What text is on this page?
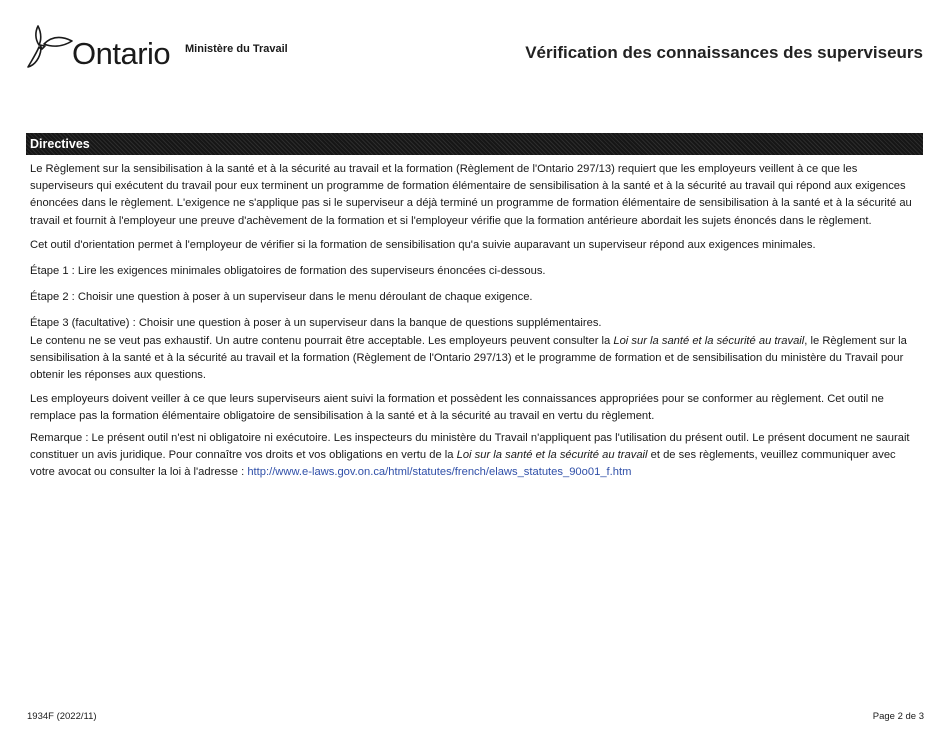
Ontario Ministère du Travail	Vérification des connaissances des superviseurs
Directives

Le Règlement sur la sensibilisation à la santé et à la sécurité au travail et la formation (Règlement de l'Ontario 297/13) requiert que les employeurs veillent à ce que les superviseurs qui exécutent du travail pour eux terminent un programme de formation élémentaire de sensibilisation à la santé et à la sécurité au travail qui répond aux exigences énoncées dans le règlement. L'exigence ne s'applique pas si le superviseur a déjà terminé un programme de formation élémentaire de sensibilisation à la santé et à la sécurité au travail et fournit à l'employeur une preuve d'achèvement de la formation et si l'employeur vérifie que la formation antérieure abordait les sujets énoncés dans le règlement.

Cet outil d'orientation permet à l'employeur de vérifier si la formation de sensibilisation qu'a suivie auparavant un superviseur répond aux exigences minimales.

Étape 1 : Lire les exigences minimales obligatoires de formation des superviseurs énoncées ci-dessous.

Étape 2 : Choisir une question à poser à un superviseur dans le menu déroulant de chaque exigence.

Étape 3 (facultative) : Choisir une question à poser à un superviseur dans la banque de questions supplémentaires.

Le contenu ne se veut pas exhaustif. Un autre contenu pourrait être acceptable. Les employeurs peuvent consulter la Loi sur la santé et la sécurité au travail, le Règlement sur la sensibilisation à la santé et à la sécurité au travail et la formation (Règlement de l'Ontario 297/13) et le programme de formation et de sensibilisation du ministère du Travail pour obtenir les réponses aux questions.

Les employeurs doivent veiller à ce que leurs superviseurs aient suivi la formation et possèdent les connaissances appropriées pour se conformer au règlement. Cet outil ne remplace pas la formation élémentaire obligatoire de sensibilisation à la santé et à la sécurité au travail en vertu du règlement.

Remarque : Le présent outil n'est ni obligatoire ni exécutoire. Les inspecteurs du ministère du Travail n'appliquent pas l'utilisation du présent outil. Le présent document ne saurait constituer un avis juridique. Pour connaître vos droits et vos obligations en vertu de la Loi sur la santé et la sécurité au travail et de ses règlements, veuillez communiquer avec votre avocat ou consulter la loi à l'adresse : http://www.e-laws.gov.on.ca/html/statutes/french/elaws_statutes_90o01_f.htm

1934F (2022/11)	Page 2 de 3
